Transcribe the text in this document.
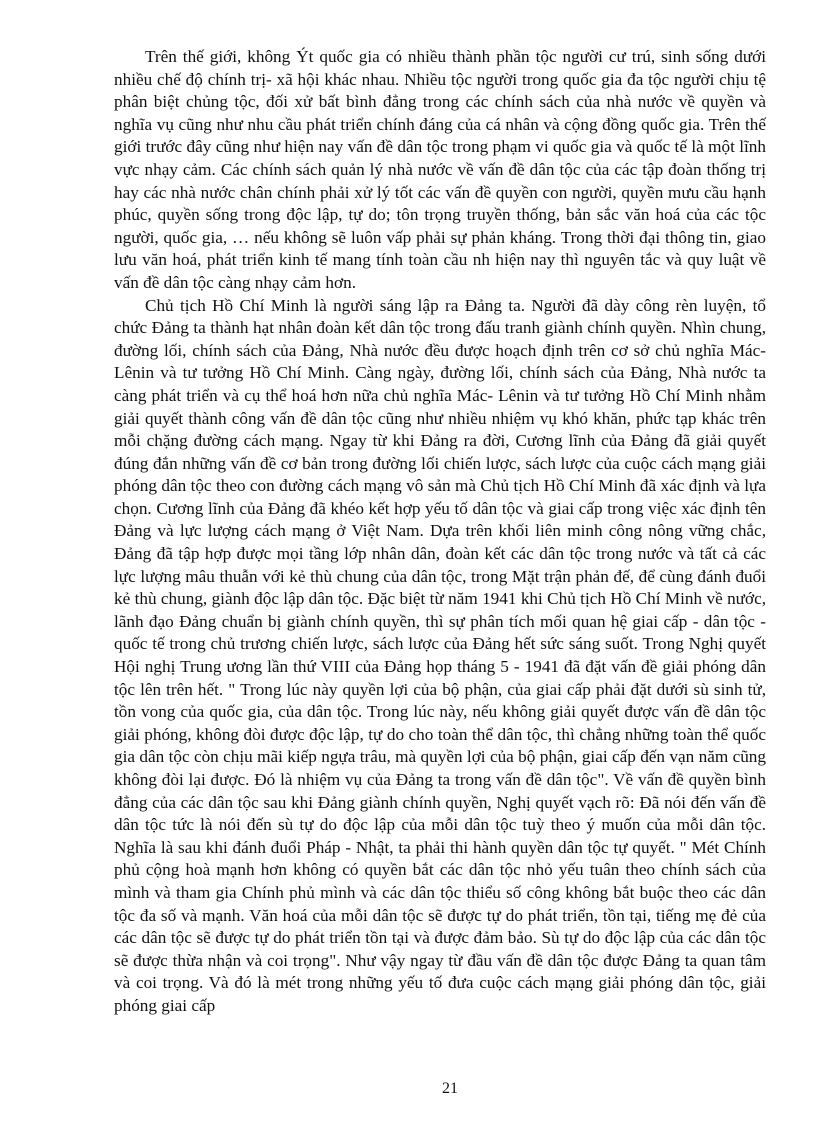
Trên thế giới, không Ýt quốc gia có nhiều thành phần tộc người cư trú, sinh sống dưới nhiều chế độ chính trị- xã hội khác nhau. Nhiều tộc người trong quốc gia đa tộc người chịu tệ phân biệt chủng tộc, đối xử bất bình đẳng trong các chính sách của nhà nước về quyền và nghĩa vụ cũng như nhu cầu phát triển chính đáng của cá nhân và cộng đồng quốc gia. Trên thế giới trước đây cũng như hiện nay vấn đề dân tộc trong phạm vi quốc gia và quốc tế là một lĩnh vực nhạy cảm. Các chính sách quản lý nhà nước về vấn đề dân tộc của các tập đoàn thống trị hay các nhà nước chân chính phải xử lý tốt các vấn đề quyền con người, quyền mưu cầu hạnh phúc, quyền sống trong độc lập, tự do; tôn trọng truyền thống, bản sắc văn hoá của các tộc người, quốc gia, … nếu không sẽ luôn vấp phải sự phản kháng. Trong thời đại thông tin, giao lưu văn hoá, phát triển kinh tế mang tính toàn cầu nh hiện nay thì nguyên tắc và quy luật về vấn đề dân tộc càng nhạy cảm hơn.

Chủ tịch Hồ Chí Minh là người sáng lập ra Đảng ta. Người đã dày công rèn luyện, tổ chức Đảng ta thành hạt nhân đoàn kết dân tộc trong đấu tranh giành chính quyền. Nhìn chung, đường lối, chính sách của Đảng, Nhà nước đều được hoạch định trên cơ sở chủ nghĩa Mác- Lênin và tư tưởng Hồ Chí Minh. Càng ngày, đường lối, chính sách của Đảng, Nhà nước ta càng phát triển và cụ thể hoá hơn nữa chủ nghĩa Mác- Lênin và tư tưởng Hồ Chí Minh nhằm giải quyết thành công vấn đề dân tộc cũng như nhiều nhiệm vụ khó khăn, phức tạp khác trên mỗi chặng đường cách mạng. Ngay từ khi Đảng ra đời, Cương lĩnh của Đảng đã giải quyết đúng đắn những vấn đề cơ bản trong đường lối chiến lược, sách lược của cuộc cách mạng giải phóng dân tộc theo con đường cách mạng vô sản mà Chủ tịch Hồ Chí Minh đã xác định và lựa chọn. Cương lĩnh của Đảng đã khéo kết hợp yếu tố dân tộc và giai cấp trong việc xác định tên Đảng và lực lượng cách mạng ở Việt Nam. Dựa trên khối liên minh công nông vững chắc, Đảng đã tập hợp được mọi tầng lớp nhân dân, đoàn kết các dân tộc trong nước và tất cả các lực lượng mâu thuẫn với kẻ thù chung của dân tộc, trong Mặt trận phản đế, để cùng đánh đuổi kẻ thù chung, giành độc lập dân tộc. Đặc biệt từ năm 1941 khi Chủ tịch Hồ Chí Minh về nước, lãnh đạo Đảng chuẩn bị giành chính quyền, thì sự phân tích mối quan hệ giai cấp - dân tộc - quốc tế trong chủ trương chiến lược, sách lược của Đảng hết sức sáng suốt. Trong Nghị quyết Hội nghị Trung ương lần thứ VIII của Đảng họp tháng 5 - 1941 đã đặt vấn đề giải phóng dân tộc lên trên hết. " Trong lúc này quyền lợi của bộ phận, của giai cấp phải đặt dưới sù sinh tử, tồn vong của quốc gia, của dân tộc. Trong lúc này, nếu không giải quyết được vấn đề dân tộc giải phóng, không đòi được độc lập, tự do cho toàn thể dân tộc, thì chẳng những toàn thể quốc gia dân tộc còn chịu mãi kiếp ngựa trâu, mà quyền lợi của bộ phận, giai cấp đến vạn năm cũng không đòi lại được. Đó là nhiệm vụ của Đảng ta trong vấn đề dân tộc". Về vấn đề quyền bình đẳng của các dân tộc sau khi Đảng giành chính quyền, Nghị quyết vạch rõ: Đã nói đến vấn đề dân tộc tức là nói đến sù tự do độc lập của mỗi dân tộc tuỳ theo ý muốn của mỗi dân tộc. Nghĩa là sau khi đánh đuổi Pháp - Nhật, ta phải thi hành quyền dân tộc tự quyết. " Mét Chính phủ cộng hoà mạnh hơn không có quyền bắt các dân tộc nhỏ yếu tuân theo chính sách của mình và tham gia Chính phủ mình và các dân tộc thiểu số công không bắt buộc theo các dân tộc đa số và mạnh. Văn hoá của mỗi dân tộc sẽ được tự do phát triển, tồn tại, tiếng mẹ đẻ của các dân tộc sẽ được tự do phát triển tồn tại và được đảm bảo. Sù tự do độc lập của các dân tộc sẽ được thừa nhận và coi trọng". Như vậy ngay từ đầu vấn đề dân tộc được Đảng ta quan tâm và coi trọng. Và đó là mét trong những yếu tố đưa cuộc cách mạng giải phóng dân tộc, giải phóng giai cấp

21
